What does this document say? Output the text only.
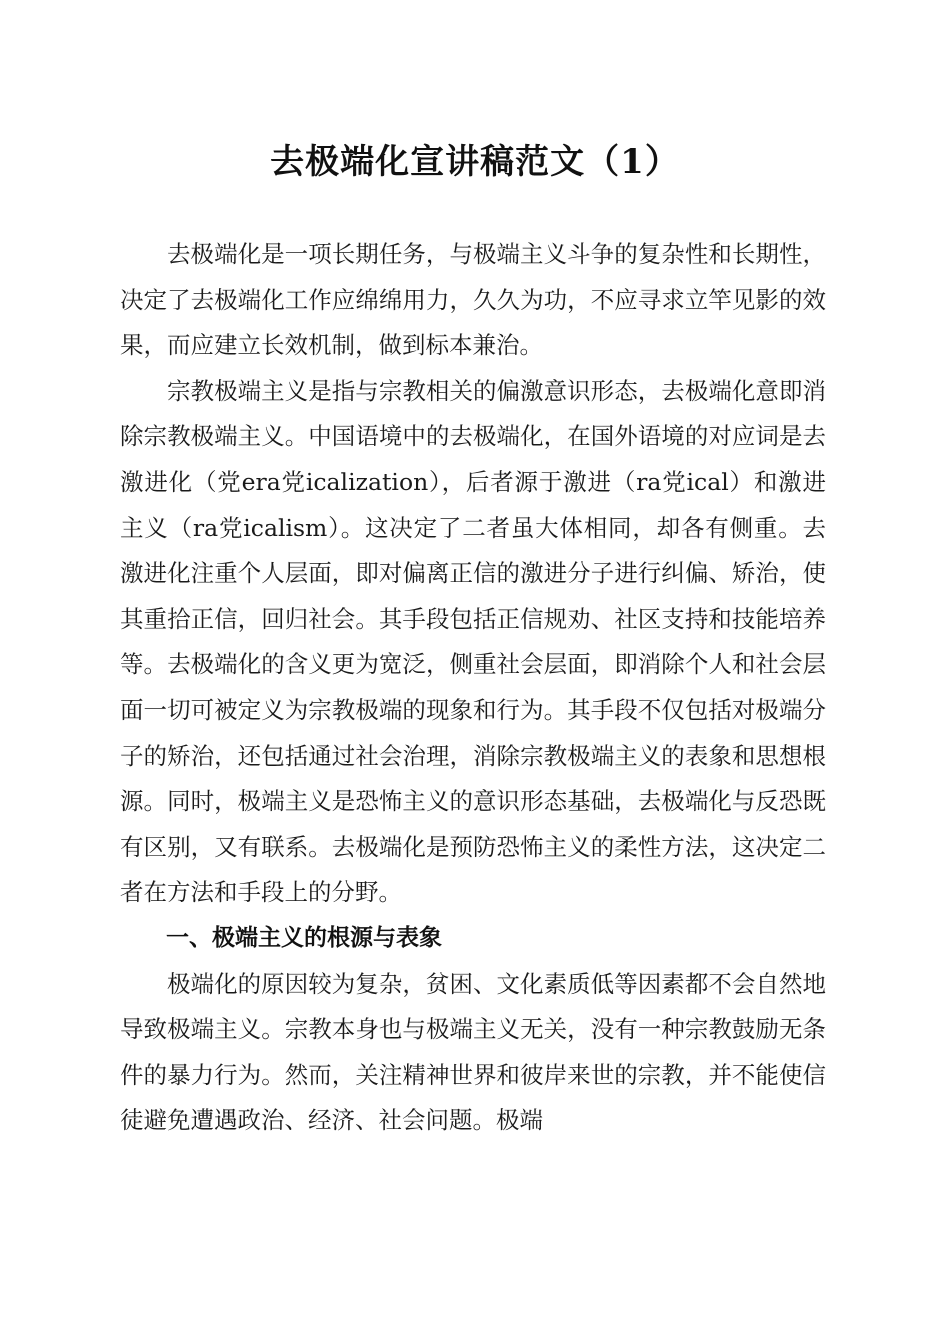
去极端化宣讲稿范文（1）

去极端化是一项长期任务，与极端主义斗争的复杂性和长期性，决定了去极端化工作应绵绵用力，久久为功，不应寻求立竿见影的效果，而应建立长效机制，做到标本兼治。

宗教极端主义是指与宗教相关的偏激意识形态，去极端化意即消除宗教极端主义。中国语境中的去极端化，在国外语境的对应词是去激进化（党era党icalization），后者源于激进（ra党ical）和激进主义（ra党icalism）。这决定了二者虽大体相同，却各有侧重。去激进化注重个人层面，即对偏离正信的激进分子进行纠偏、矫治，使其重拾正信，回归社会。其手段包括正信规劝、社区支持和技能培养等。去极端化的含义更为宽泛，侧重社会层面，即消除个人和社会层面一切可被定义为宗教极端的现象和行为。其手段不仅包括对极端分子的矫治，还包括通过社会治理，消除宗教极端主义的表象和思想根源。同时，极端主义是恐怖主义的意识形态基础，去极端化与反恐既有区别，又有联系。去极端化是预防恐怖主义的柔性方法，这决定二者在方法和手段上的分野。

一、极端主义的根源与表象

极端化的原因较为复杂，贫困、文化素质低等因素都不会自然地导致极端主义。宗教本身也与极端主义无关，没有一种宗教鼓励无条件的暴力行为。然而，关注精神世界和彼岸来世的宗教，并不能使信徒避免遭遇政治、经济、社会问题。极端
